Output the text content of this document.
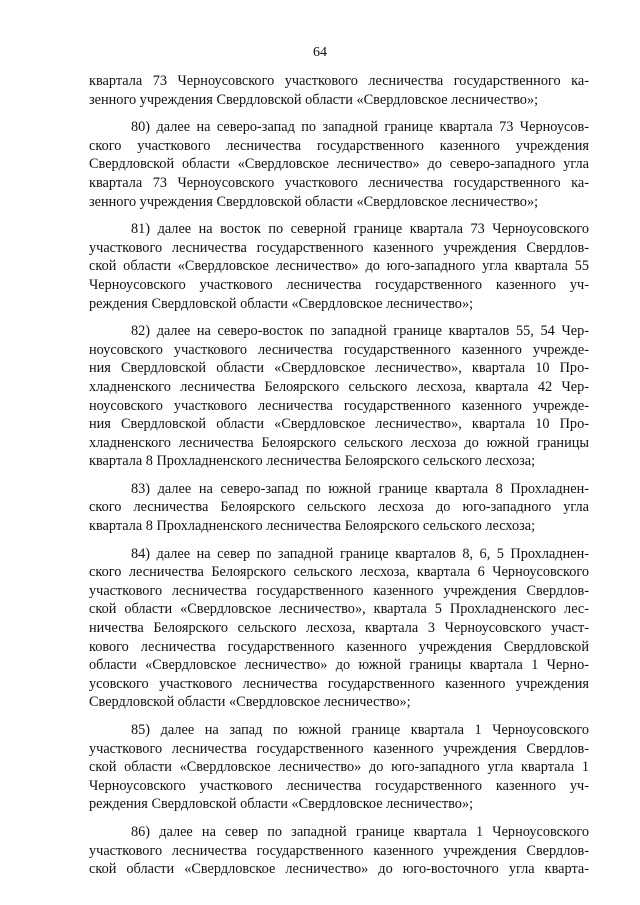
64
квартала 73 Черноусовского участкового лесничества государственного ка-
зенного учреждения Свердловской области «Свердловское лесничество»;
80) далее на северо-запад по западной границе квартала 73 Черноусов-
ского участкового лесничества государственного казенного учреждения
Свердловской области «Свердловское лесничество» до северо-западного угла
квартала 73 Черноусовского участкового лесничества государственного ка-
зенного учреждения Свердловской области «Свердловское лесничество»;
81) далее на восток по северной границе квартала 73 Черноусовского
участкового лесничества государственного казенного учреждения Свердлов-
ской области «Свердловское лесничество» до юго-западного угла квартала 55
Черноусовского участкового лесничества государственного казенного уч-
реждения Свердловской области «Свердловское лесничество»;
82) далее на северо-восток по западной границе кварталов 55, 54 Чер-
ноусовского участкового лесничества государственного казенного учрежде-
ния Свердловской области «Свердловское лесничество», квартала 10 Про-
хладненского лесничества Белоярского сельского лесхоза, квартала 42 Чер-
ноусовского участкового лесничества государственного казенного учрежде-
ния Свердловской области «Свердловское лесничество», квартала 10 Про-
хладненского лесничества Белоярского сельского лесхоза до южной границы
квартала 8 Прохладненского лесничества Белоярского сельского лесхоза;
83) далее на северо-запад по южной границе квартала 8 Прохладнен-
ского лесничества Белоярского сельского лесхоза до юго-западного угла
квартала 8 Прохладненского лесничества Белоярского сельского лесхоза;
84) далее на север по западной границе кварталов 8, 6, 5 Прохладнен-
ского лесничества Белоярского сельского лесхоза, квартала 6 Черноусовского
участкового лесничества государственного казенного учреждения Свердлов-
ской области «Свердловское лесничество», квартала 5 Прохладненского лес-
ничества Белоярского сельского лесхоза, квартала 3 Черноусовского участ-
кового лесничества государственного казенного учреждения Свердловской
области «Свердловское лесничество» до южной границы квартала 1 Черно-
усовского участкового лесничества государственного казенного учреждения
Свердловской области «Свердловское лесничество»;
85) далее на запад по южной границе квартала 1 Черноусовского
участкового лесничества государственного казенного учреждения Свердлов-
ской области «Свердловское лесничество» до юго-западного угла квартала 1
Черноусовского участкового лесничества государственного казенного уч-
реждения Свердловской области «Свердловское лесничество»;
86) далее на север по западной границе квартала 1 Черноусовского
участкового лесничества государственного казенного учреждения Свердлов-
ской области «Свердловское лесничество» до юго-восточного угла кварта-
